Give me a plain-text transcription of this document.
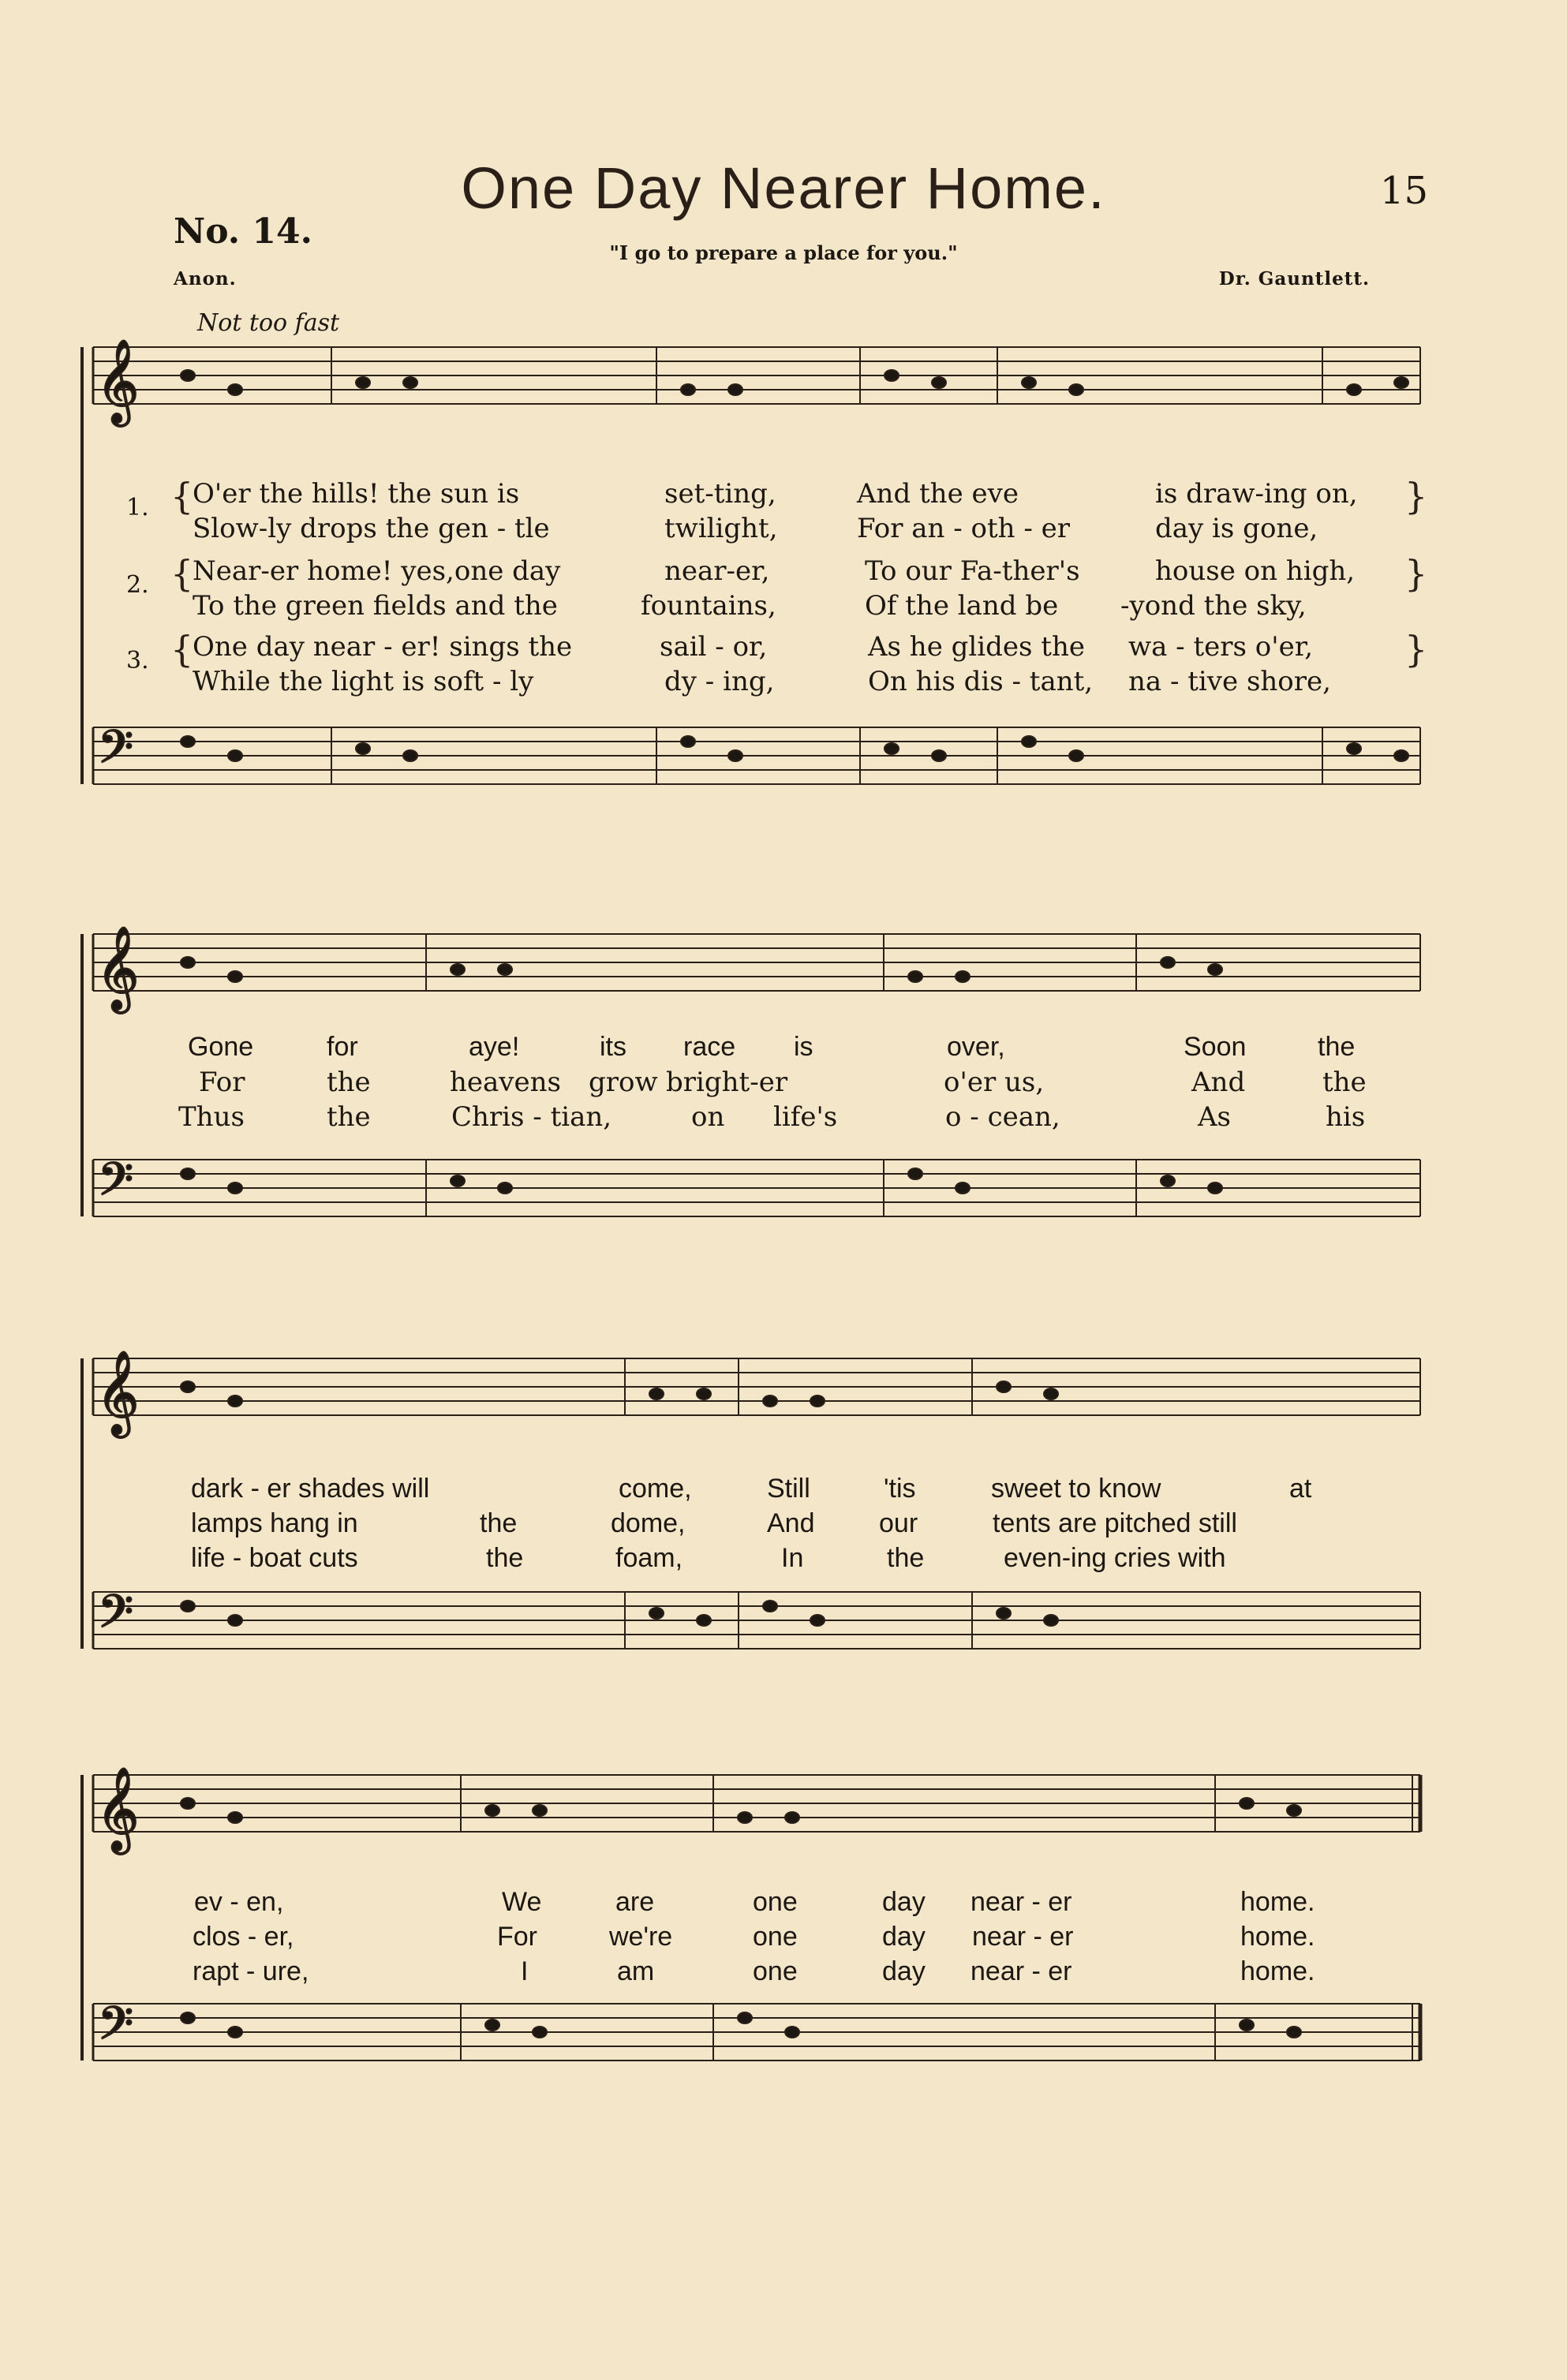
One Day Nearer Home.	15
No. 14.
"I go to prepare a place for you."
Anon.	Dr. Gauntlett.
Not too fast
𝄞
𝄢
𝄞
𝄢
𝄞
𝄢
𝄞
𝄢
1. {
O'er the hills! the sun is	set-ting,	And the eve	is draw-ing on,
Slow-ly drops the gen - tle	twilight,	For an - oth - er	day is gone,
2. {
Near-er home! yes,one day	near-er,	To our Fa-ther's	house on high,
To the green fields and the	fountains,	Of the land be -yond the sky,
3. {
One day near - er! sings the	sail - or,	As he glides the wa - ters o'er,
While the light is soft - ly	dy - ing,	On his dis - tant, na - tive shore,
}
}
}
Gone	for	aye!	its race is	over,	Soon	the
For	the	heavens grow bright-er	o'er us,	And	the
Thus	the	Chris - tian,	on life's	o - cean,	As	his
dark - er shades will	come,	Still	'tis	sweet to know	at
lamps hang in	the	dome,	And our	tents are pitched still
life - boat cuts	the	foam,	In	the	even-ing cries with
ev - en,	We	are	one	day near - er	home.
clos - er,	For	we're	one	day near - er	home.
rapt - ure,	I	am	one	day near - er	home.
